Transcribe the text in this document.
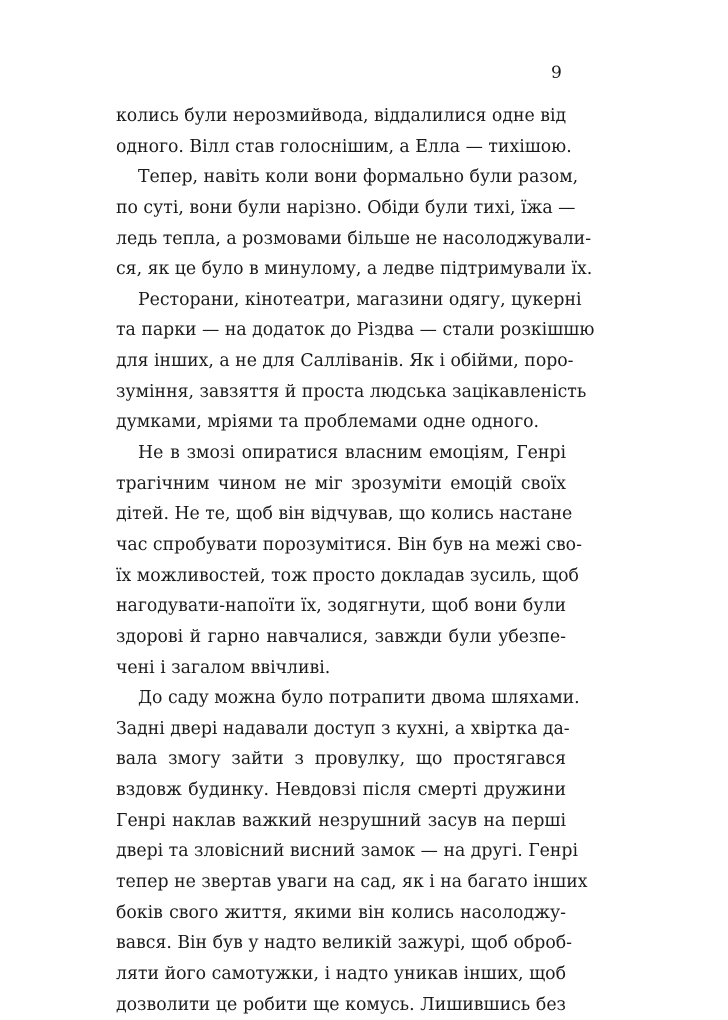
9
колись були нерозмийвода, віддалилися одне від
одного. Вілл став голоснішим, а Елла — тихішою.
Тепер, навіть коли вони формально були разом,
по суті, вони були нарізно. Обіди були тихі, їжа —
ледь тепла, а розмовами більше не насолоджували-
ся, як це було в минулому, а ледве підтримували їх.
Ресторани, кінотеатри, магазини одягу, цукерні
та парки — на додаток до Різдва — стали розкішшю
для інших, а не для Салліванів. Як і обійми, поро-
зуміння, завзяття й проста людська зацікавленість
думками, мріями та проблемами одне одного.
Не в змозі опиратися власним емоціям, Генрі
трагічним чином не міг зрозуміти емоцій своїх
дітей. Не те, щоб він відчував, що колись настане
час спробувати порозумітися. Він був на межі сво-
їх можливостей, тож просто докладав зусиль, щоб
нагодувати-напоїти їх, зодягнути, щоб вони були
здорові й гарно навчалися, завжди були убезпе-
чені і загалом ввічливі.
До саду можна було потрапити двома шляхами.
Задні двері надавали доступ з кухні, а хвіртка да-
вала змогу зайти з провулку, що простягався
вздовж будинку. Невдовзі після смерті дружини
Генрі наклав важкий незрушний засув на перші
двері та зловісний висний замок — на другі. Генрі
тепер не звертав уваги на сад, як і на багато інших
боків свого життя, якими він колись насолоджу-
вався. Він був у надто великій зажурі, щоб оброб-
ляти його самотужки, і надто уникав інших, щоб
дозволити це робити ще комусь. Лишившись без
